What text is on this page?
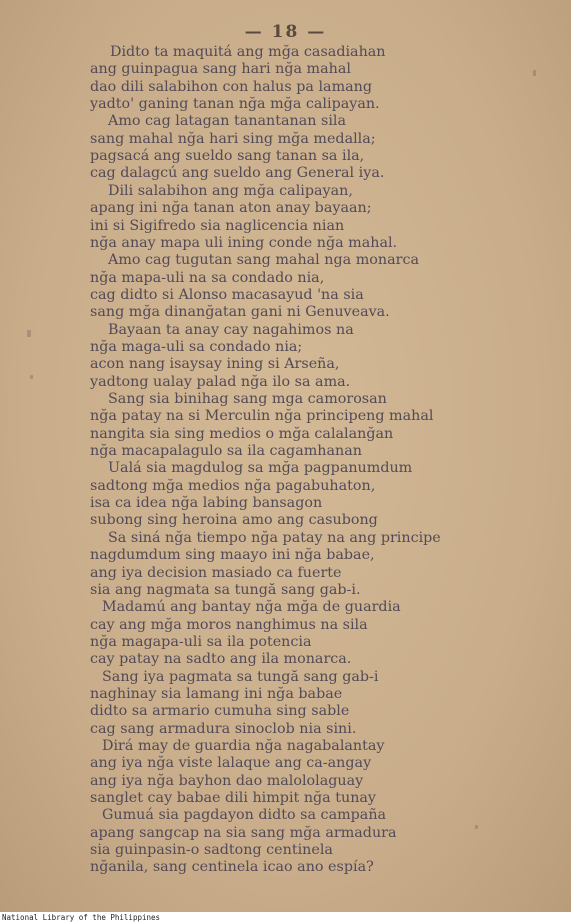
— 18 —
Didto ta maquitá ang mğa casadiahan
ang guinpagua sang hari nğa mahal
dao dili salabihon con halus pa lamang
yadto' ganing tanan nğa mğa calipayan.
Amo cag latagan tanantanan sila
sang mahal nğa hari sing mğa medalla;
pagsacá ang sueldo sang tanan sa ila,
cag dalagcú ang sueldo ang General iya.
Dili salabihon ang mğa calipayan,
apang ini nğa tanan aton anay bayaan;
ini si Sigifredo sia naglicencia nian
nğa anay mapa uli ining conde nğa mahal.
Amo cag tugutan sang mahal nga monarca
nğa mapa-uli na sa condado nia,
cag didto si Alonso macasayud 'na sia
sang mğa dinanğatan gani ni Genuveava.
Bayaan ta anay cay nagahimos na
nğa maga-uli sa condado nia;
acon nang isaysay ining si Arseña,
yadtong ualay palad nğa ilo sa ama.
Sang sia binihag sang mga camorosan
nğa patay na si Merculin nğa principeng mahal
nangita sia sing medios o mğa calalanğan
nğa macapalagulo sa ila cagamhanan
Ualá sia magdulog sa mğa pagpanumdum
sadtong mğa medios nğa pagabuhaton,
isa ca idea nğa labing bansagon
subong sing heroina amo ang casubong
Sa siná nğa tiempo nğa patay na ang principe
nagdumdum sing maayo ini nğa babae,
ang iya decision masiado ca fuerte
sia ang nagmata sa tungă sang gab-i.
Madamú ang bantay nğa mğa de guardia
cay ang mğa moros nanghimus na sila
nğa magapa-uli sa ila potencia
cay patay na sadto ang ila monarca.
Sang iya pagmata sa tungă sang gab-i
naghinay sia lamang ini nğa babae
didto sa armario cumuha sing sable
cag sang armadura sinoclob nia sini.
Dirá may de guardia nğa nagabalantay
ang iya nğa viste lalaque ang ca-angay
ang iya nğa bayhon dao malololaguay
sanglet cay babae dili himpit nğa tunay
Gumuá sia pagdayon didto sa campaña
apang sangcap na sia sang mğa armadura
sia guinpasin-o sadtong centinela
nğanila, sang centinela icao ano espía?
National Library of the Philippines
